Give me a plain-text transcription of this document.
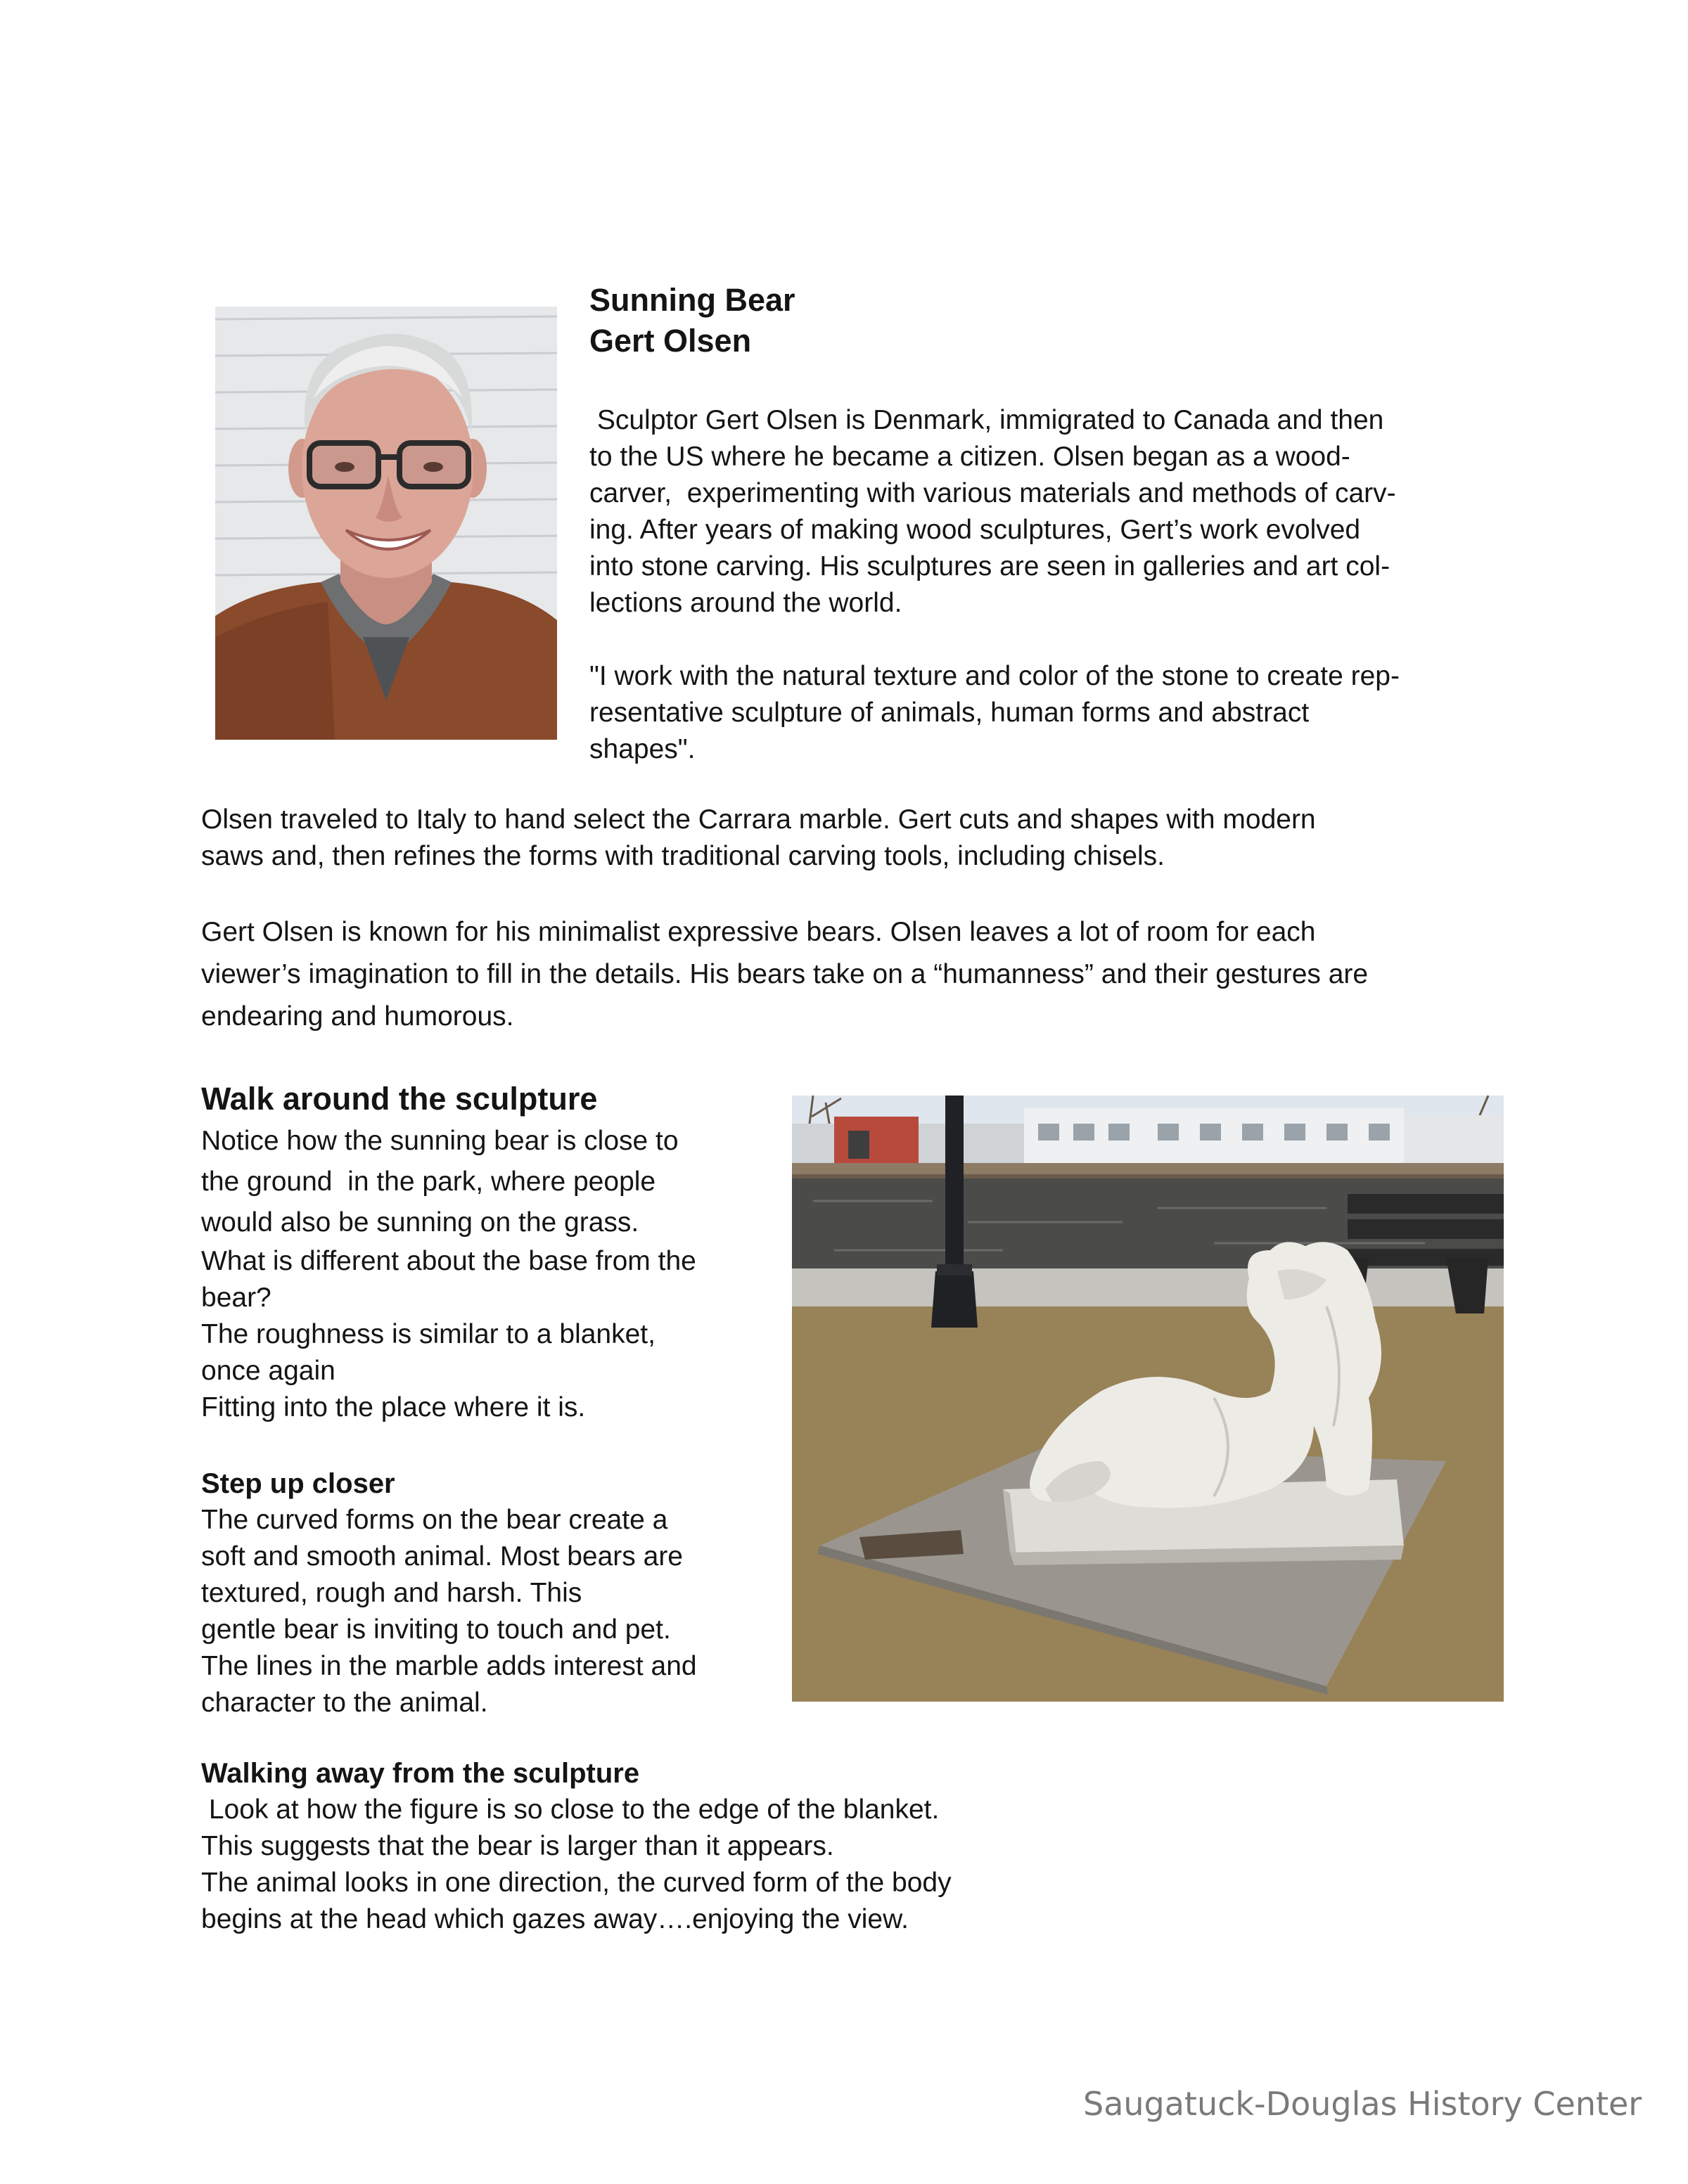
Sunning Bear

Gert Olsen

Sculptor Gert Olsen is Denmark, immigrated to Canada and then

to the US where he became a citizen. Olsen began as a wood-

carver,  experimenting with various materials and methods of carv-

ing. After years of making wood sculptures, Gert’s work evolved

into stone carving. His sculptures are seen in galleries and art col-

lections around the world.

"I work with the natural texture and color of the stone to create rep-

resentative sculpture of animals, human forms and abstract

shapes".

Olsen traveled to Italy to hand select the Carrara marble. Gert cuts and shapes with modern

saws and, then refines the forms with traditional carving tools, including chisels.

Gert Olsen is known for his minimalist expressive bears. Olsen leaves a lot of room for each

viewer’s imagination to fill in the details. His bears take on a “humanness” and their gestures are

endearing and humorous.

Walk around the sculpture

Notice how the sunning bear is close to

the ground  in the park, where people

would also be sunning on the grass.

What is different about the base from the

bear?

The roughness is similar to a blanket,

once again

Fitting into the place where it is.

Step up closer

The curved forms on the bear create a

soft and smooth animal. Most bears are

textured, rough and harsh. This

gentle bear is inviting to touch and pet.

The lines in the marble adds interest and

character to the animal.

Walking away from the sculpture

Look at how the figure is so close to the edge of the blanket.

This suggests that the bear is larger than it appears.

The animal looks in one direction, the curved form of the body

begins at the head which gazes away….enjoying the view.

Saugatuck-Douglas History Center
